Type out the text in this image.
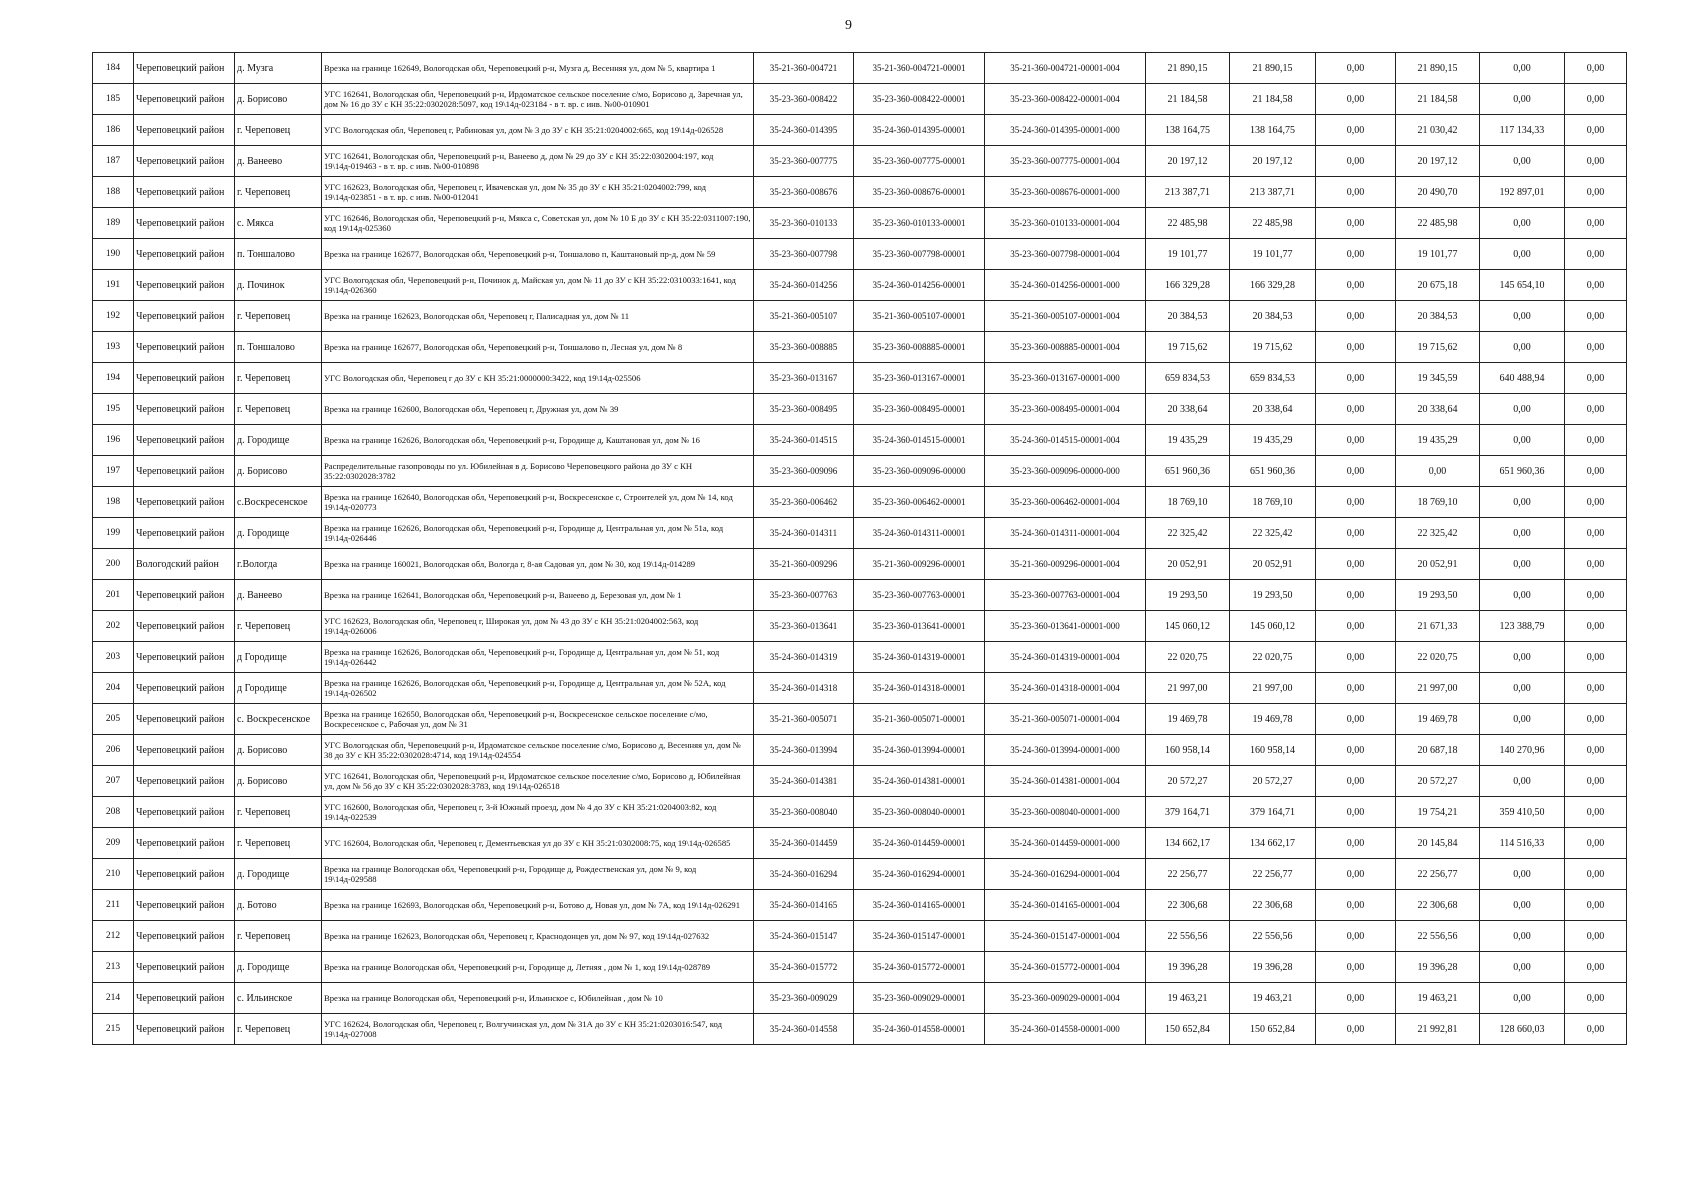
9
184	Череповецкий район	д. Музга	Врезка на границе 162649, Вологодская обл, Череповецкий р-н, Музга д, Весенняя ул, дом № 5, квартира 1	35-21-360-004721	35-21-360-004721-00001	35-21-360-004721-00001-004	21 890,15	21 890,15	0,00	21 890,15	0,00	0,00
185	Череповецкий район	д. Борисово	УГС 162641, Вологодская обл, Череповецкий р-н, Ирдоматское сельское поселение с/мо, Борисово д, Заречная ул, дом № 16 до ЗУ с КН 35:22:0302028:5097, код 19\14д-023184 - в т. вр. с инв. №00-010901	35-23-360-008422	35-23-360-008422-00001	35-23-360-008422-00001-004	21 184,58	21 184,58	0,00	21 184,58	0,00	0,00
186	Череповецкий район	г. Череповец	УГС Вологодская обл, Череповец г, Рабиновая ул, дом № 3 до ЗУ с КН 35:21:0204002:665, код 19\14д-026528	35-24-360-014395	35-24-360-014395-00001	35-24-360-014395-00001-000	138 164,75	138 164,75	0,00	21 030,42	117 134,33	0,00
187	Череповецкий район	д. Ванеево	УГС 162641, Вологодская обл, Череповецкий р-н, Ванеево д, дом № 29 до ЗУ с КН 35:22:0302004:197, код 19\14д-019463 - в т. вр. с инв. №00-010898	35-23-360-007775	35-23-360-007775-00001	35-23-360-007775-00001-004	20 197,12	20 197,12	0,00	20 197,12	0,00	0,00
188	Череповецкий район	г. Череповец	УГС 162623, Вологодская обл, Череповец г, Ивачевская ул, дом № 35 до ЗУ с КН 35:21:0204002:799, код 19\14д-023851 - в т. вр. с инв. №00-012041	35-23-360-008676	35-23-360-008676-00001	35-23-360-008676-00001-000	213 387,71	213 387,71	0,00	20 490,70	192 897,01	0,00
189	Череповецкий район	с. Мякса	УГС 162646, Вологодская обл, Череповецкий р-н, Мякса с, Советская ул, дом № 10 Б до ЗУ с КН 35:22:0311007:190, код 19\14д-025360	35-23-360-010133	35-23-360-010133-00001	35-23-360-010133-00001-004	22 485,98	22 485,98	0,00	22 485,98	0,00	0,00
190	Череповецкий район	п. Тоншалово	Врезка на границе 162677, Вологодская обл, Череповецкий р-н, Тоншалово п, Каштановый пр-д, дом № 59	35-23-360-007798	35-23-360-007798-00001	35-23-360-007798-00001-004	19 101,77	19 101,77	0,00	19 101,77	0,00	0,00
191	Череповецкий район	д. Починок	УГС Вологодская обл, Череповецкий р-н, Починок д, Майская ул, дом № 11 до ЗУ с КН 35:22:0310033:1641, код 19\14д-026360	35-24-360-014256	35-24-360-014256-00001	35-24-360-014256-00001-000	166 329,28	166 329,28	0,00	20 675,18	145 654,10	0,00
192	Череповецкий район	г. Череповец	Врезка на границе 162623, Вологодская обл, Череповец г, Палисадная ул, дом № 11	35-21-360-005107	35-21-360-005107-00001	35-21-360-005107-00001-004	20 384,53	20 384,53	0,00	20 384,53	0,00	0,00
193	Череповецкий район	п. Тоншалово	Врезка на границе 162677, Вологодская обл, Череповецкий р-н, Тоншалово п, Лесная ул, дом № 8	35-23-360-008885	35-23-360-008885-00001	35-23-360-008885-00001-004	19 715,62	19 715,62	0,00	19 715,62	0,00	0,00
194	Череповецкий район	г. Череповец	УГС Вологодская обл, Череповец г до ЗУ с КН 35:21:0000000:3422, код 19\14д-025506	35-23-360-013167	35-23-360-013167-00001	35-23-360-013167-00001-000	659 834,53	659 834,53	0,00	19 345,59	640 488,94	0,00
195	Череповецкий район	г. Череповец	Врезка на границе 162600, Вологодская обл, Череповец г, Дружная ул, дом № 39	35-23-360-008495	35-23-360-008495-00001	35-23-360-008495-00001-004	20 338,64	20 338,64	0,00	20 338,64	0,00	0,00
196	Череповецкий район	д. Городище	Врезка на границе 162626, Вологодская обл, Череповецкий р-н, Городище д, Каштановая ул, дом № 16	35-24-360-014515	35-24-360-014515-00001	35-24-360-014515-00001-004	19 435,29	19 435,29	0,00	19 435,29	0,00	0,00
197	Череповецкий район	д. Борисово	Распределительные газопроводы по ул. Юбилейная в д. Борисово Череповецкого района до ЗУ с КН 35:22:0302028:3782	35-23-360-009096	35-23-360-009096-00000	35-23-360-009096-00000-000	651 960,36	651 960,36	0,00	0,00	651 960,36	0,00
198	Череповецкий район	с.Воскресенское	Врезка на границе 162640, Вологодская обл, Череповецкий р-н, Воскресенское с, Строителей ул, дом № 14, код 19\14д-020773	35-23-360-006462	35-23-360-006462-00001	35-23-360-006462-00001-004	18 769,10	18 769,10	0,00	18 769,10	0,00	0,00
199	Череповецкий район	д. Городище	Врезка на границе 162626, Вологодская обл, Череповецкий р-н, Городище д, Центральная ул, дом № 51а, код 19\14д-026446	35-24-360-014311	35-24-360-014311-00001	35-24-360-014311-00001-004	22 325,42	22 325,42	0,00	22 325,42	0,00	0,00
200	Вологодский район	г.Вологда	Врезка на границе 160021, Вологодская обл, Вологда г, 8-ая Садовая ул, дом № 30, код 19\14д-014289	35-21-360-009296	35-21-360-009296-00001	35-21-360-009296-00001-004	20 052,91	20 052,91	0,00	20 052,91	0,00	0,00
201	Череповецкий район	д. Ванеево	Врезка на границе 162641, Вологодская обл, Череповецкий р-н, Ванеево д, Березовая ул, дом № 1	35-23-360-007763	35-23-360-007763-00001	35-23-360-007763-00001-004	19 293,50	19 293,50	0,00	19 293,50	0,00	0,00
202	Череповецкий район	г. Череповец	УГС 162623, Вологодская обл, Череповец г, Широкая ул, дом № 43 до ЗУ с КН 35:21:0204002:563, код 19\14д-026006	35-23-360-013641	35-23-360-013641-00001	35-23-360-013641-00001-000	145 060,12	145 060,12	0,00	21 671,33	123 388,79	0,00
203	Череповецкий район	д Городище	Врезка на границе 162626, Вологодская обл, Череповецкий р-н, Городище д, Центральная ул, дом № 51, код 19\14д-026442	35-24-360-014319	35-24-360-014319-00001	35-24-360-014319-00001-004	22 020,75	22 020,75	0,00	22 020,75	0,00	0,00
204	Череповецкий район	д Городище	Врезка на границе 162626, Вологодская обл, Череповецкий р-н, Городище д, Центральная ул, дом № 52А, код 19\14д-026502	35-24-360-014318	35-24-360-014318-00001	35-24-360-014318-00001-004	21 997,00	21 997,00	0,00	21 997,00	0,00	0,00
205	Череповецкий район	с. Воскресенское	Врезка на границе 162650, Вологодская обл, Череповецкий р-н, Воскресенское сельское поселение с/мо, Воскресенское с, Рабочая ул, дом № 31	35-21-360-005071	35-21-360-005071-00001	35-21-360-005071-00001-004	19 469,78	19 469,78	0,00	19 469,78	0,00	0,00
206	Череповецкий район	д. Борисово	УГС Вологодская обл, Череповецкий р-н, Ирдоматское сельское поселение с/мо, Борисово д, Весенняя ул, дом № 38 до ЗУ с КН 35:22:0302028:4714, код 19\14д-024554	35-24-360-013994	35-24-360-013994-00001	35-24-360-013994-00001-000	160 958,14	160 958,14	0,00	20 687,18	140 270,96	0,00
207	Череповецкий район	д. Борисово	УГС 162641, Вологодская обл, Череповецкий р-н, Ирдоматское сельское поселение с/мо, Борисово д, Юбилейная ул, дом № 56 до ЗУ с КН 35:22:0302028:3783, код 19\14д-026518	35-24-360-014381	35-24-360-014381-00001	35-24-360-014381-00001-004	20 572,27	20 572,27	0,00	20 572,27	0,00	0,00
208	Череповецкий район	г. Череповец	УГС 162600, Вологодская обл, Череповец г, 3-й Южный проезд, дом № 4 до ЗУ с КН 35:21:0204003:82, код 19\14д-022539	35-23-360-008040	35-23-360-008040-00001	35-23-360-008040-00001-000	379 164,71	379 164,71	0,00	19 754,21	359 410,50	0,00
209	Череповецкий район	г. Череповец	УГС 162604, Вологодская обл, Череповец г, Дементьевская ул до ЗУ с КН 35:21:0302008:75, код 19\14д-026585	35-24-360-014459	35-24-360-014459-00001	35-24-360-014459-00001-000	134 662,17	134 662,17	0,00	20 145,84	114 516,33	0,00
210	Череповецкий район	д. Городище	Врезка на границе Вологодская обл, Череповецкий р-н, Городище д, Рождественская ул, дом № 9, код 19\14д-029588	35-24-360-016294	35-24-360-016294-00001	35-24-360-016294-00001-004	22 256,77	22 256,77	0,00	22 256,77	0,00	0,00
211	Череповецкий район	д. Ботово	Врезка на границе 162693, Вологодская обл, Череповецкий р-н, Ботово д, Новая ул, дом № 7А, код 19\14д-026291	35-24-360-014165	35-24-360-014165-00001	35-24-360-014165-00001-004	22 306,68	22 306,68	0,00	22 306,68	0,00	0,00
212	Череповецкий район	г. Череповец	Врезка на границе 162623, Вологодская обл, Череповец г, Краснодонцев ул, дом № 97, код 19\14д-027632	35-24-360-015147	35-24-360-015147-00001	35-24-360-015147-00001-004	22 556,56	22 556,56	0,00	22 556,56	0,00	0,00
213	Череповецкий район	д. Городище	Врезка на границе Вологодская обл, Череповецкий р-н, Городище д, Летняя , дом № 1, код 19\14д-028789	35-24-360-015772	35-24-360-015772-00001	35-24-360-015772-00001-004	19 396,28	19 396,28	0,00	19 396,28	0,00	0,00
214	Череповецкий район	с. Ильинское	Врезка на границе Вологодская обл, Череповецкий р-н, Ильинское с, Юбилейная , дом № 10	35-23-360-009029	35-23-360-009029-00001	35-23-360-009029-00001-004	19 463,21	19 463,21	0,00	19 463,21	0,00	0,00
215	Череповецкий район	г. Череповец	УГС 162624, Вологодская обл, Череповец г, Волгучинская ул, дом № 31А до ЗУ с КН 35:21:0203016:547, код 19\14д-027008	35-24-360-014558	35-24-360-014558-00001	35-24-360-014558-00001-000	150 652,84	150 652,84	0,00	21 992,81	128 660,03	0,00
